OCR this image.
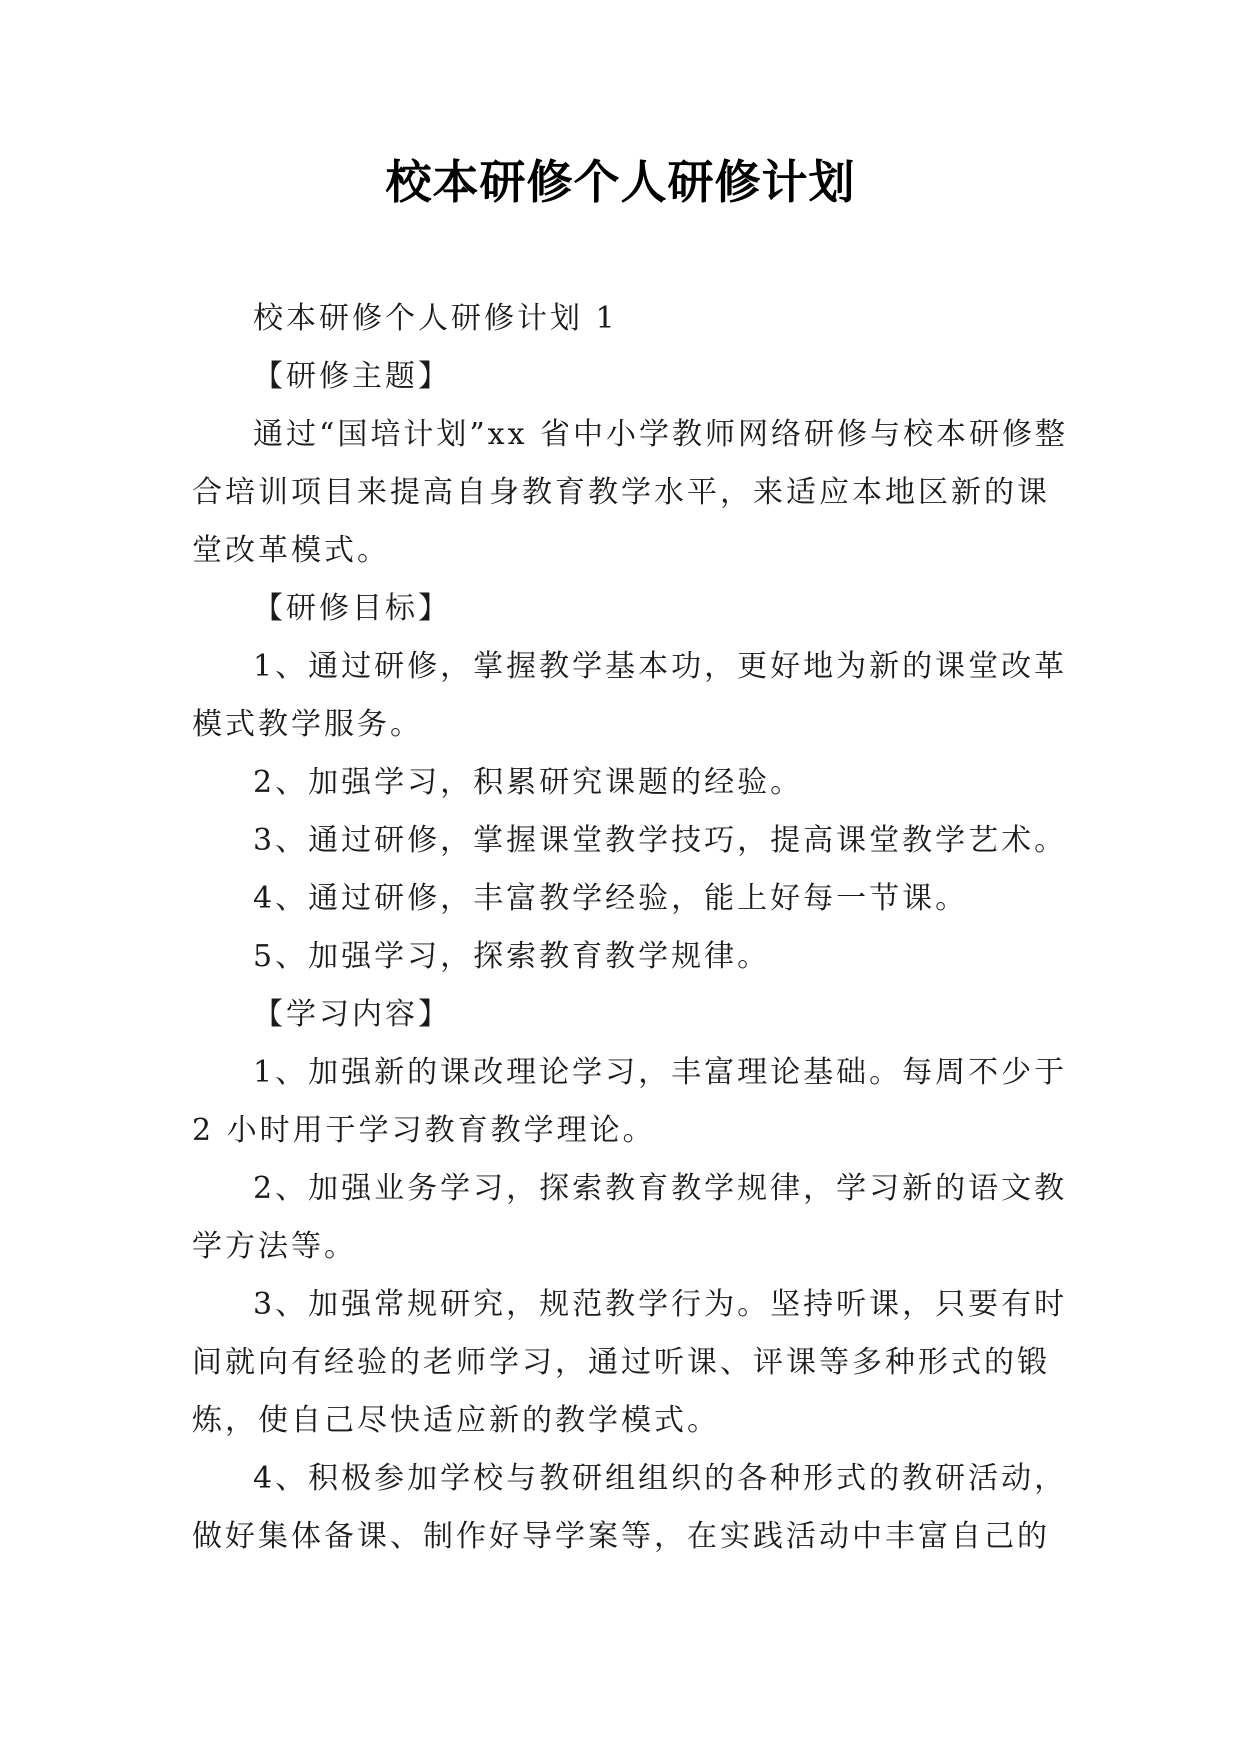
校本研修个人研修计划

校本研修个人研修计划 1

【研修主题】

通过“国培计划”xx 省中小学教师网络研修与校本研修整合培训项目来提高自身教育教学水平，来适应本地区新的课堂改革模式。

【研修目标】

1、通过研修，掌握教学基本功，更好地为新的课堂改革模式教学服务。

2、加强学习，积累研究课题的经验。

3、通过研修，掌握课堂教学技巧，提高课堂教学艺术。

4、通过研修，丰富教学经验，能上好每一节课。

5、加强学习，探索教育教学规律。

【学习内容】

1、加强新的课改理论学习，丰富理论基础。每周不少于 2 小时用于学习教育教学理论。

2、加强业务学习，探索教育教学规律，学习新的语文教学方法等。

3、加强常规研究，规范教学行为。坚持听课，只要有时间就向有经验的老师学习，通过听课、评课等多种形式的锻炼，使自己尽快适应新的教学模式。

4、积极参加学校与教研组组织的各种形式的教研活动，做好集体备课、制作好导学案等，在实践活动中丰富自己的
